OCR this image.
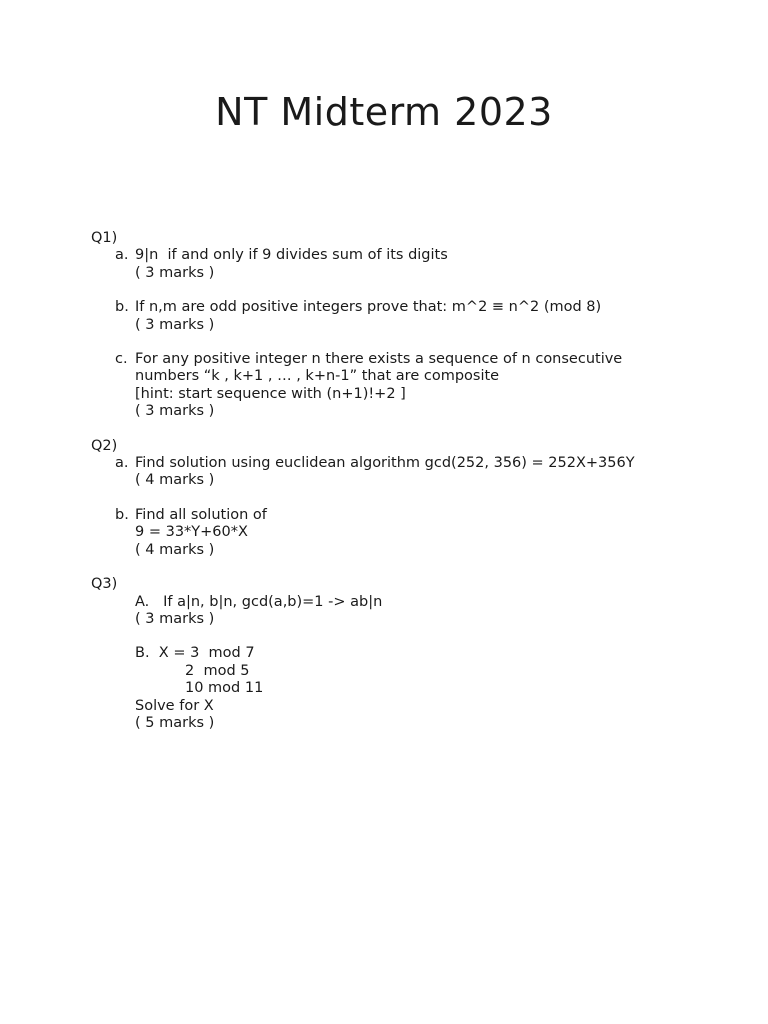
NT Midterm 2023
Q1)
a. 9|n  if and only if 9 divides sum of its digits
( 3 marks )
b. If n,m are odd positive integers prove that: m^2 ≡ n^2 (mod 8)
( 3 marks )
c. For any positive integer n there exists a sequence of n consecutive
numbers “k , k+1 , … , k+n-1” that are composite
[hint: start sequence with (n+1)!+2 ]
( 3 marks )
Q2)
a. Find solution using euclidean algorithm gcd(252, 356) = 252X+356Y
( 4 marks )
b. Find all solution of
9 = 33*Y+60*X
( 4 marks )
Q3)
A.   If a|n, b|n, gcd(a,b)=1 -> ab|n
( 3 marks )
B.  X = 3  mod 7
2  mod 5
10 mod 11
Solve for X
( 5 marks )
